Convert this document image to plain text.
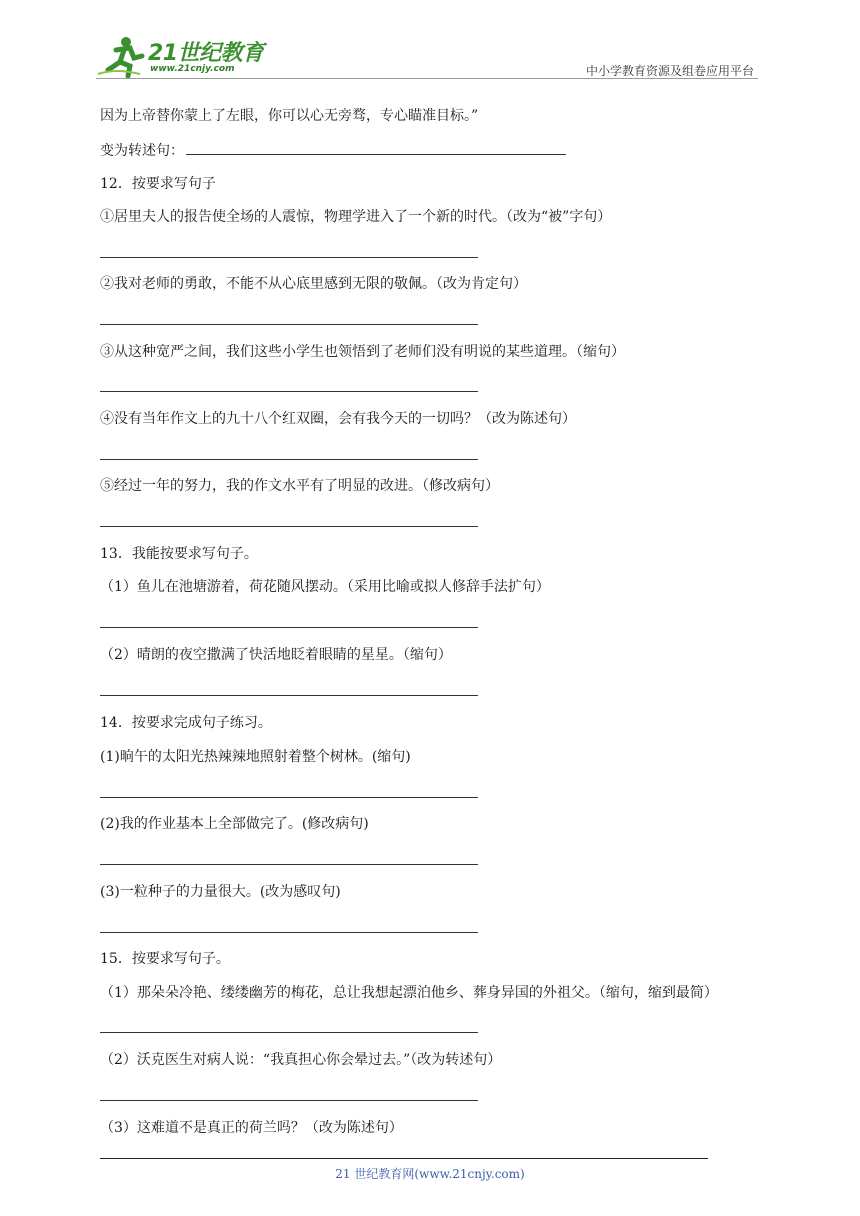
21世纪教育
www.21cnjy.com	中小学教育资源及组卷应用平台
因为上帝替你蒙上了左眼，你可以心无旁骛，专心瞄准目标。”
变为转述句：
12．按要求写句子
①居里夫人的报告使全场的人震惊，物理学进入了一个新的时代。（改为“被”字句）
②我对老师的勇敢，不能不从心底里感到无限的敬佩。（改为肯定句）
③从这种宽严之间，我们这些小学生也领悟到了老师们没有明说的某些道理。（缩句）
④没有当年作文上的九十八个红双圈，会有我今天的一切吗？（改为陈述句）
⑤经过一年的努力，我的作文水平有了明显的改进。（修改病句）
13．我能按要求写句子。
（1）鱼儿在池塘游着，荷花随风摆动。（采用比喻或拟人修辞手法扩句）
（2）晴朗的夜空撒满了快活地眨着眼睛的星星。（缩句）
14．按要求完成句子练习。
(1)晌午的太阳光热辣辣地照射着整个树林。(缩句)
(2)我的作业基本上全部做完了。(修改病句)
(3)一粒种子的力量很大。(改为感叹句)
15．按要求写句子。
（1）那朵朵冷艳、缕缕幽芳的梅花，总让我想起漂泊他乡、葬身异国的外祖父。（缩句，缩到最简）
（2）沃克医生对病人说：“我真担心你会晕过去。”（改为转述句）
（3）这难道不是真正的荷兰吗？（改为陈述句）
21 世纪教育网(www.21cnjy.com)
